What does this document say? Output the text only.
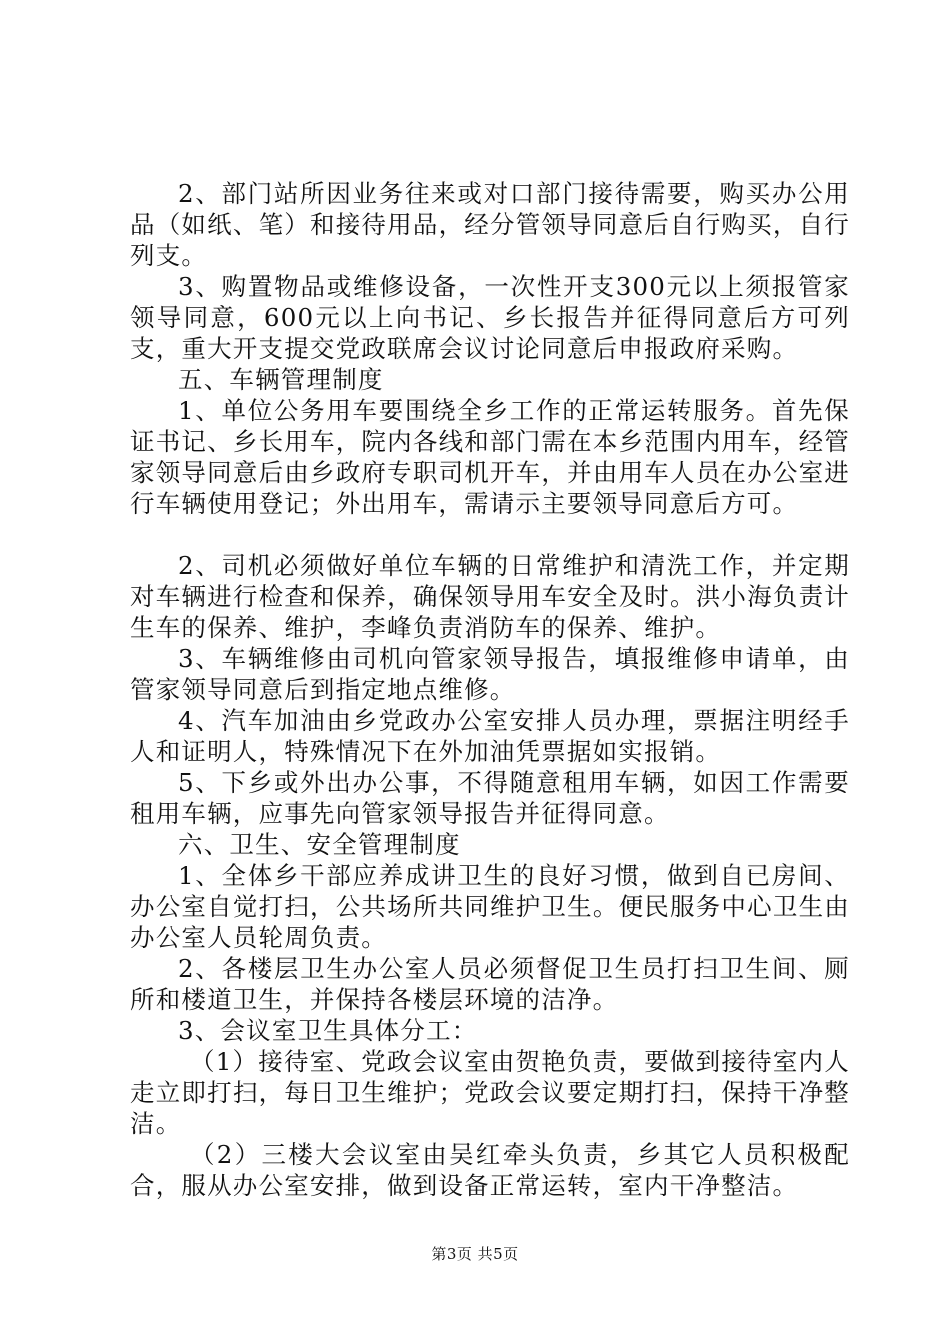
2、部门站所因业务往来或对口部门接待需要，购买办公用品（如纸、笔）和接待用品，经分管领导同意后自行购买，自行列支。

3、购置物品或维修设备，一次性开支300元以上须报管家领导同意，600元以上向书记、乡长报告并征得同意后方可列支，重大开支提交党政联席会议讨论同意后申报政府采购。

五、车辆管理制度

1、单位公务用车要围绕全乡工作的正常运转服务。首先保证书记、乡长用车，院内各线和部门需在本乡范围内用车，经管家领导同意后由乡政府专职司机开车，并由用车人员在办公室进行车辆使用登记；外出用车，需请示主要领导同意后方可。

2、司机必须做好单位车辆的日常维护和清洗工作，并定期对车辆进行检查和保养，确保领导用车安全及时。洪小海负责计生车的保养、维护，李峰负责消防车的保养、维护。

3、车辆维修由司机向管家领导报告，填报维修申请单，由管家领导同意后到指定地点维修。

4、汽车加油由乡党政办公室安排人员办理，票据注明经手人和证明人，特殊情况下在外加油凭票据如实报销。

5、下乡或外出办公事，不得随意租用车辆，如因工作需要租用车辆，应事先向管家领导报告并征得同意。

六、卫生、安全管理制度

1、全体乡干部应养成讲卫生的良好习惯，做到自已房间、办公室自觉打扫，公共场所共同维护卫生。便民服务中心卫生由办公室人员轮周负责。

2、各楼层卫生办公室人员必须督促卫生员打扫卫生间、厕所和楼道卫生，并保持各楼层环境的洁净。

3、会议室卫生具体分工：

（1）接待室、党政会议室由贺艳负责，要做到接待室内人走立即打扫，每日卫生维护；党政会议要定期打扫，保持干净整洁。

（2）三楼大会议室由吴红牵头负责，乡其它人员积极配合，服从办公室安排，做到设备正常运转，室内干净整洁。

第3页 共5页
